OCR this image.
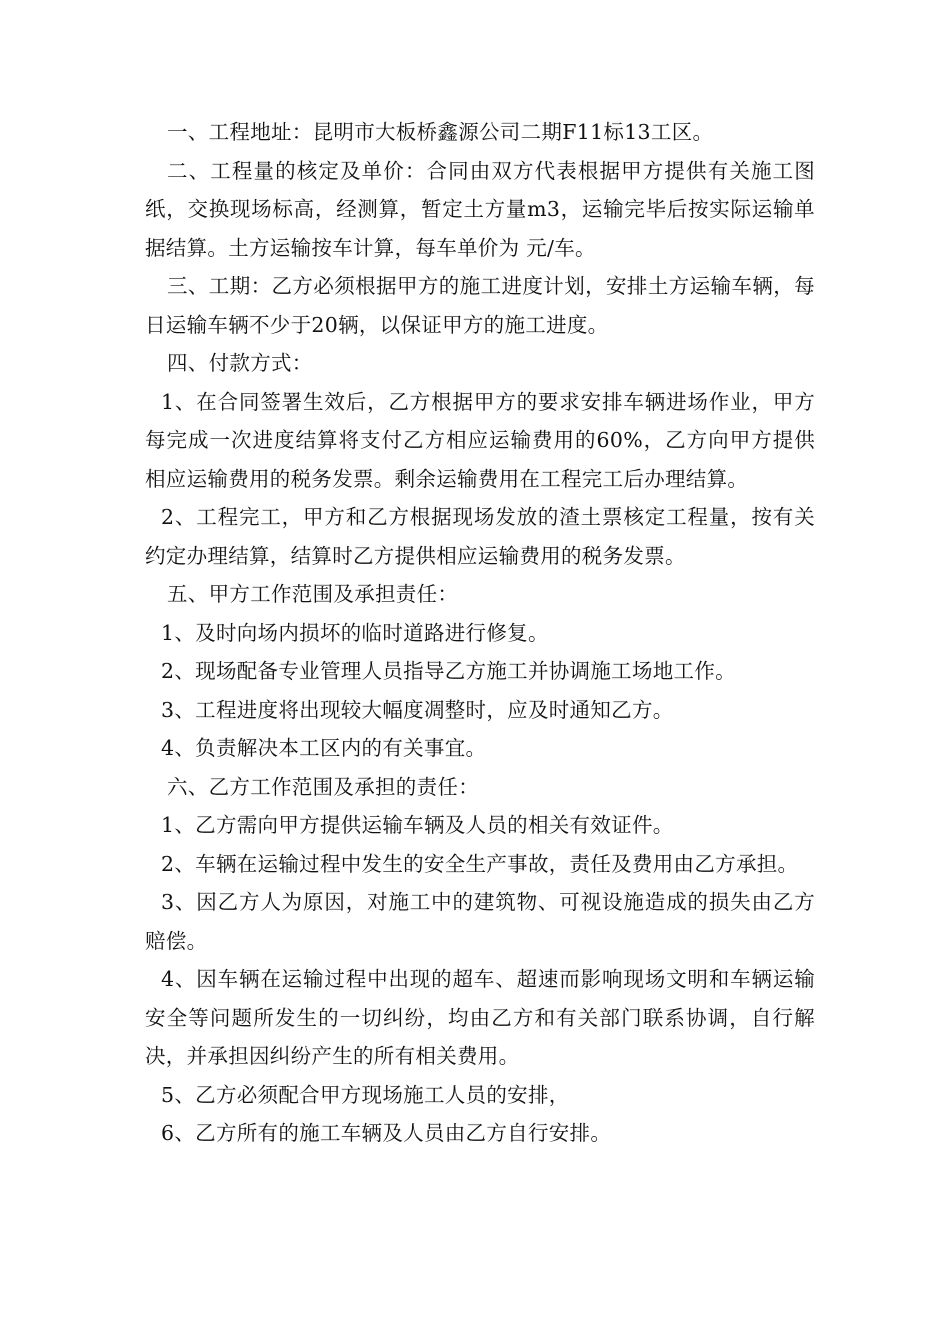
一、工程地址：昆明市大板桥鑫源公司二期F11标13工区。

二、工程量的核定及单价：合同由双方代表根据甲方提供有关施工图纸，交换现场标高，经测算，暂定土方量m3，运输完毕后按实际运输单据结算。土方运输按车计算，每车单价为 元/车。

三、工期：乙方必须根据甲方的施工进度计划，安排土方运输车辆，每日运输车辆不少于20辆，以保证甲方的施工进度。

四、付款方式：

1、在合同签署生效后，乙方根据甲方的要求安排车辆进场作业，甲方每完成一次进度结算将支付乙方相应运输费用的60%，乙方向甲方提供相应运输费用的税务发票。剩余运输费用在工程完工后办理结算。

2、工程完工，甲方和乙方根据现场发放的渣土票核定工程量，按有关约定办理结算，结算时乙方提供相应运输费用的税务发票。

五、甲方工作范围及承担责任：

1、及时向场内损坏的临时道路进行修复。

2、现场配备专业管理人员指导乙方施工并协调施工场地工作。

3、工程进度将出现较大幅度凋整时，应及时通知乙方。

4、负责解决本工区内的有关事宜。

六、乙方工作范围及承担的责任：

1、乙方需向甲方提供运输车辆及人员的相关有效证件。

2、车辆在运输过程中发生的安全生产事故，责任及费用由乙方承担。

3、因乙方人为原因，对施工中的建筑物、可视设施造成的损失由乙方赔偿。

4、因车辆在运输过程中出现的超车、超速而影响现场文明和车辆运输安全等问题所发生的一切纠纷，均由乙方和有关部门联系协调，自行解决，并承担因纠纷产生的所有相关费用。

5、乙方必须配合甲方现场施工人员的安排，

6、乙方所有的施工车辆及人员由乙方自行安排。
